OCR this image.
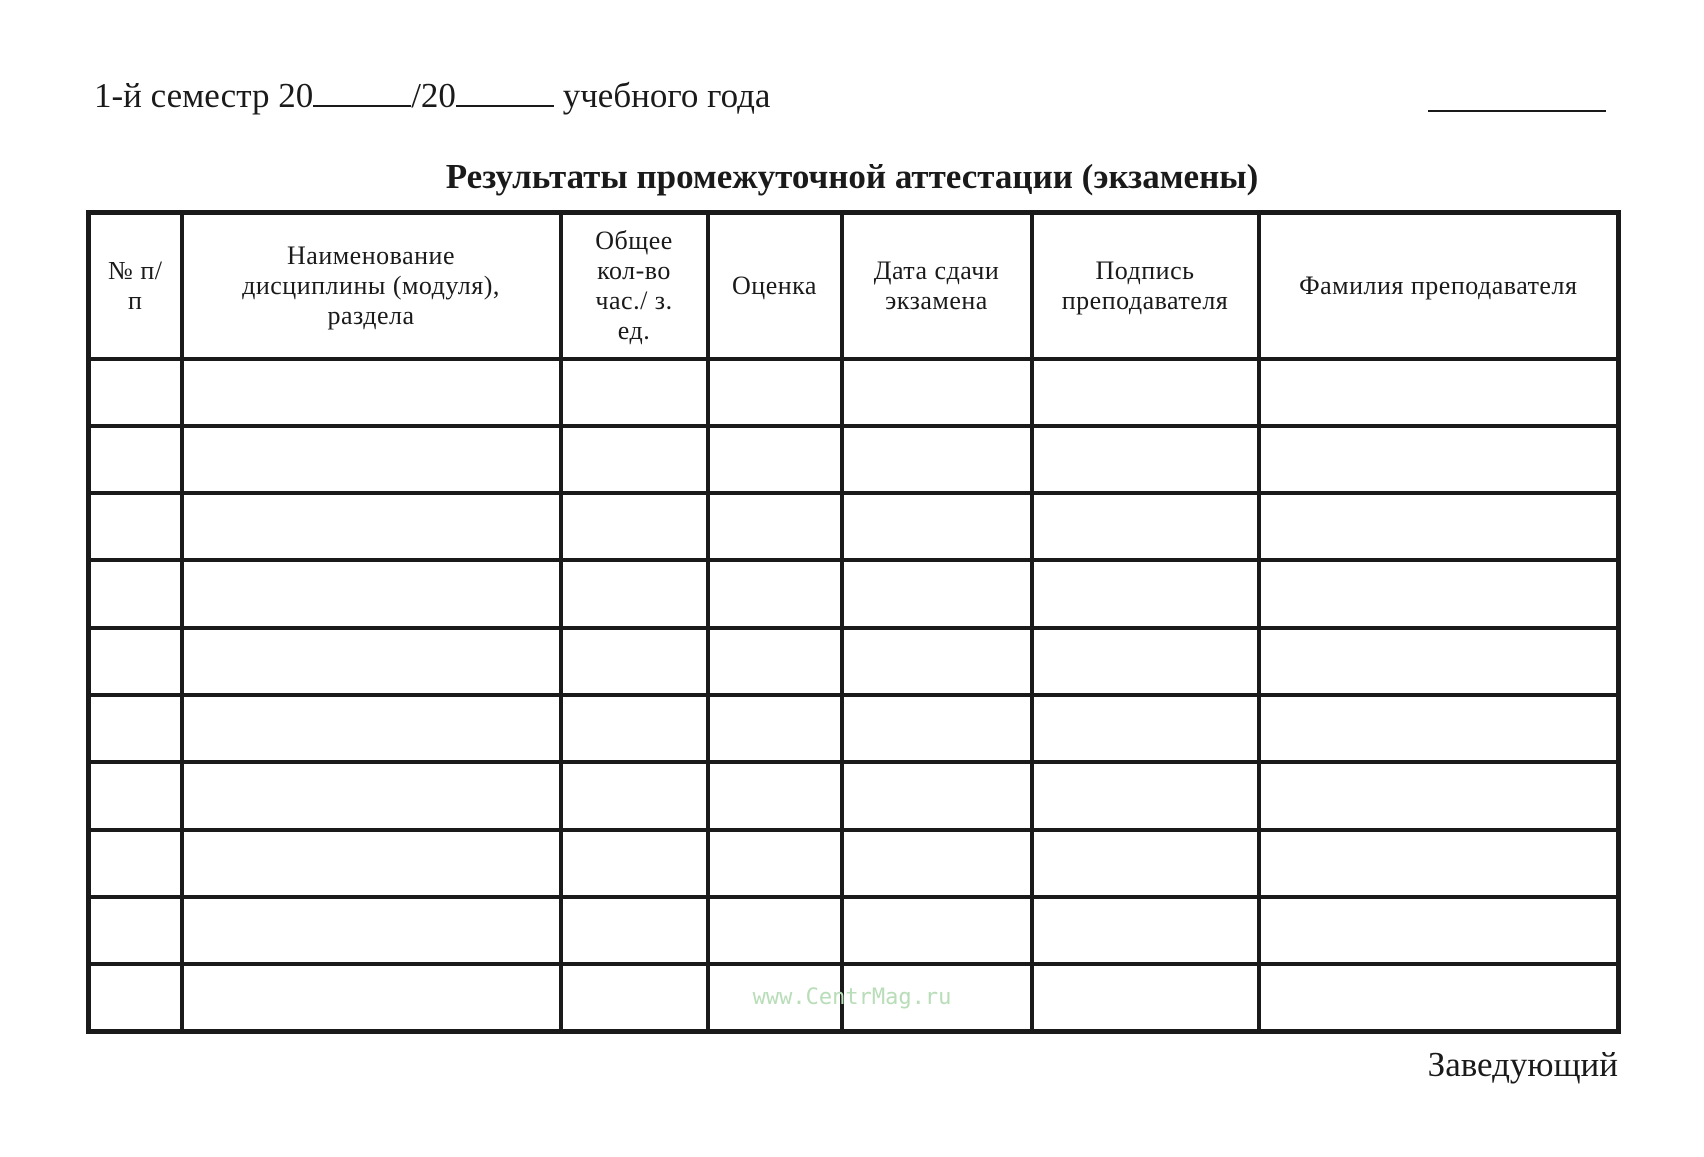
1-й семестр 20	/20	учебного года
Результаты промежуточной аттестации (экзамены)
№ п/п	Наименование дисциплины (модуля), раздела	Общее кол-во час./ з. ед.	Оценка	Дата сдачи экзамена	Подпись преподавателя	Фамилия преподавателя

www.CentrMag.ru
Заведующий
